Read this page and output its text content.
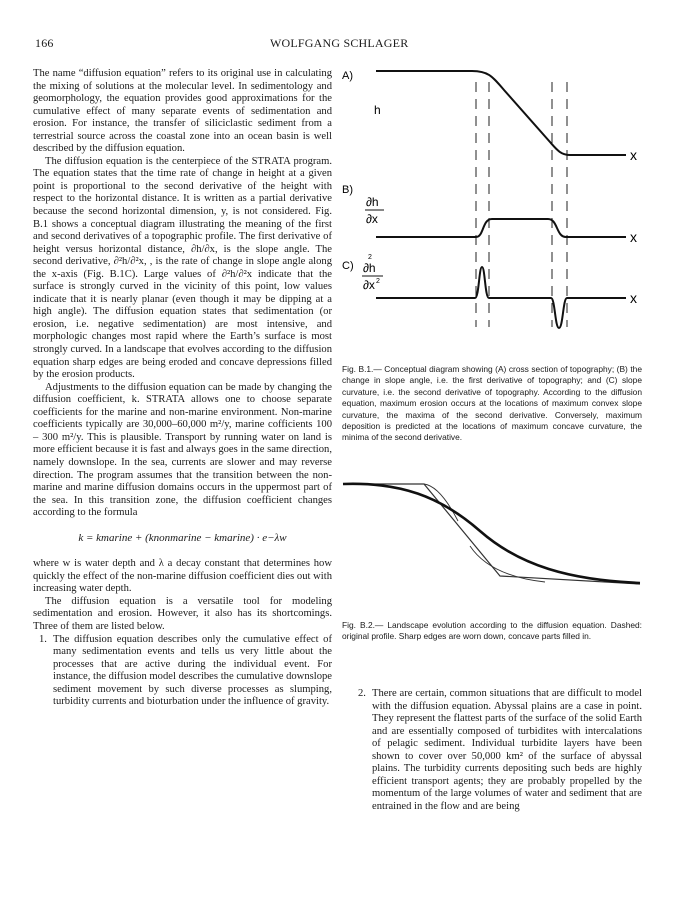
166	WOLFGANG SCHLAGER

The name “diffusion equation” refers to its original use in calculating the mixing of solutions at the molecular level. In sedimentology and geomorphology, the equation provides good approximations for the cumulative effect of many separate events of sedimentation and erosion. For instance, the transfer of siliciclastic sediment from a terrestrial source across the coastal zone into an ocean basin is well described by the diffusion equation.

The diffusion equation is the centerpiece of the STRATA program. The equation states that the time rate of change in height at a given point is proportional to the second derivative of the height with respect to the horizontal distance. It is written as a partial derivative because the second horizontal dimension, y, is not considered. Fig. B.1 shows a conceptual diagram illustrating the meaning of the first and second derivatives of a topographic profile. The first derivative of height versus horizontal distance, ∂h/∂x, is the slope angle. The second derivative, ∂²h/∂²x, , is the rate of change in slope angle along the x-axis (Fig. B.1C). Large values of ∂²h/∂²x indicate that the surface is strongly curved in the vicinity of this point, low values indicate that it is nearly planar (even though it may be dipping at a high angle). The diffusion equation states that sedimentation (or erosion, i.e. negative sedimentation) are most intensive, and morphologic changes most rapid where the Earth’s surface is most strongly curved. In a landscape that evolves according to the diffusion equation sharp edges are being eroded and concave depressions filled by the erosion products.

Adjustments to the diffusion equation can be made by changing the diffusion coefficient, k. STRATA allows one to choose separate coefficients for the marine and non-marine environment. Non-marine coefficients typically are 30,000–60,000 m²/y, marine cofficients 100 – 300 m²/y. This is plausible. Transport by running water on land is more efficient because it is fast and always goes in the same direction, namely downslope. In the sea, currents are slower and may reverse direction. The program assumes that the transition between the non-marine and marine diffusion domains occurs in the uppermost part of the sea. In this transition zone, the diffusion coefficient changes according to the formula

k = kmarine + (knonmarine − kmarine) · e−λw

where w is water depth and λ a decay constant that determines how quickly the effect of the non-marine diffusion coefficient dies out with increasing water depth.

The diffusion equation is a versatile tool for modeling sedimentation and erosion. However, it also has its shortcomings. Three of them are listed below.

1. The diffusion equation describes only the cumulative effect of many sedimentation events and tells us very little about the processes that are active during the individual event. For instance, the diffusion model describes the cumulative downslope sediment movement by such diverse processes as slumping, turbidity currents and bioturbation under the influence of gravity.
A)
h
x
B)
∂h
∂x
x
C)
2
∂h
∂x 2
x
Fig. B.1.— Conceptual diagram showing (A) cross section of topography; (B) the change in slope angle, i.e. the first derivative of topography; and (C) slope curvature, i.e. the second derivative of topography. According to the diffusion equation, maximum erosion occurs at the locations of maximum convex slope curvature, the maxima of the second derivative. Conversely, maximum deposition is predicted at the locations of maximum concave curvature, the minima of the second derivative.
Fig. B.2.— Landscape evolution according to the diffusion equation. Dashed: original profile. Sharp edges are worn down, concave parts filled in.
2. There are certain, common situations that are difficult to model with the diffusion equation. Abyssal plains are a case in point. They represent the flattest parts of the surface of the solid Earth and are essentially composed of turbidites with intercalations of pelagic sediment. Individual turbidite layers have been shown to cover over 50,000 km² of the surface of abyssal plains. The turbidity currents depositing such beds are highly efficient transport agents; they are probably propelled by the momentum of the large volumes of water and sediment that are entrained in the flow and are being
